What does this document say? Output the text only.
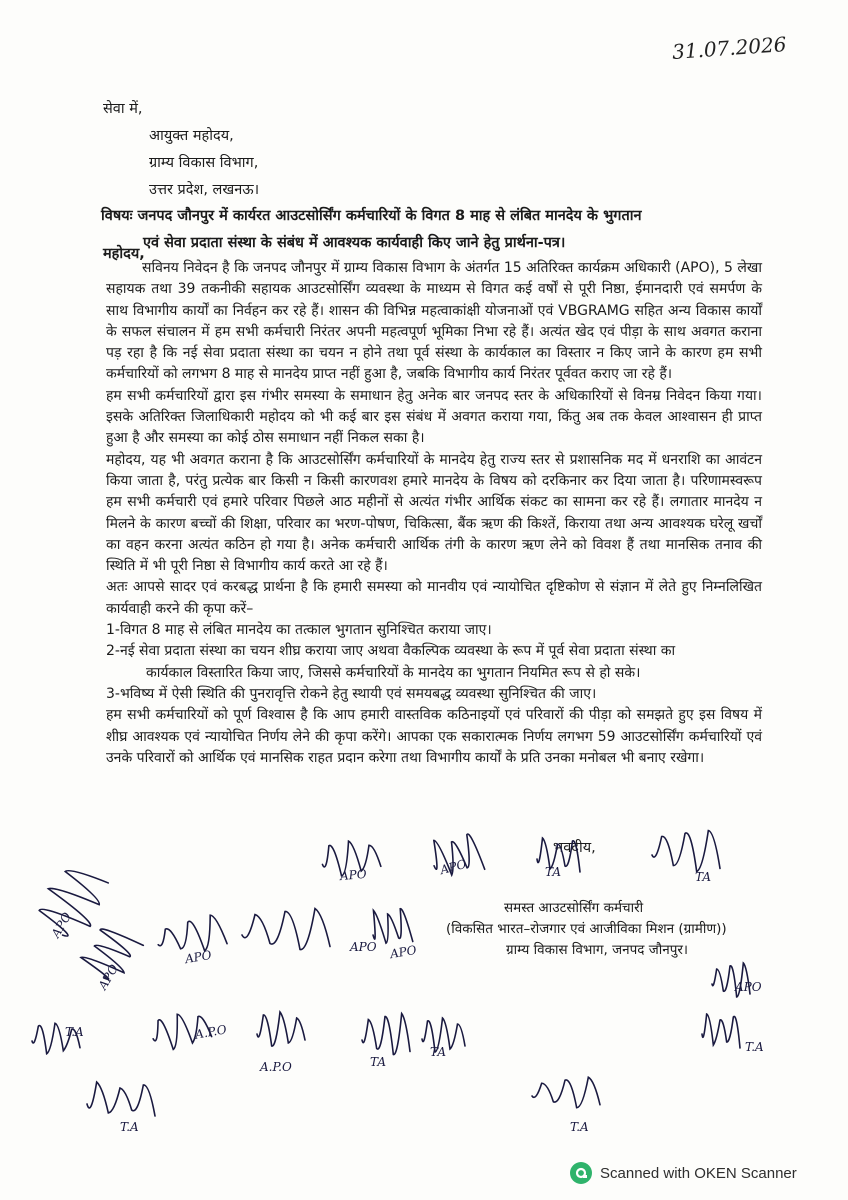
31.07.2026
सेवा में,
आयुक्त महोदय,
ग्राम्य विकास विभाग,
उत्तर प्रदेश, लखनऊ।
विषयः जनपद जौनपुर में कार्यरत आउटसोर्सिंग कर्मचारियों के विगत 8 माह से लंबित मानदेय के भुगतान
एवं सेवा प्रदाता संस्था के संबंध में आवश्यक कार्यवाही किए जाने हेतु प्रार्थना-पत्र।
महोदय,

सविनय निवेदन है कि जनपद जौनपुर में ग्राम्य विकास विभाग के अंतर्गत 15 अतिरिक्त कार्यक्रम अधिकारी (APO), 5 लेखा सहायक तथा 39 तकनीकी सहायक आउटसोर्सिंग व्यवस्था के माध्यम से विगत कई वर्षों से पूरी निष्ठा, ईमानदारी एवं समर्पण के साथ विभागीय कार्यों का निर्वहन कर रहे हैं। शासन की विभिन्न महत्वाकांक्षी योजनाओं एवं VBGRAMG सहित अन्य विकास कार्यों के सफल संचालन में हम सभी कर्मचारी निरंतर अपनी महत्वपूर्ण भूमिका निभा रहे हैं। अत्यंत खेद एवं पीड़ा के साथ अवगत कराना पड़ रहा है कि नई सेवा प्रदाता संस्था का चयन न होने तथा पूर्व संस्था के कार्यकाल का विस्तार न किए जाने के कारण हम सभी कर्मचारियों को लगभग 8 माह से मानदेय प्राप्त नहीं हुआ है, जबकि विभागीय कार्य निरंतर पूर्ववत कराए जा रहे हैं।

हम सभी कर्मचारियों द्वारा इस गंभीर समस्या के समाधान हेतु अनेक बार जनपद स्तर के अधिकारियों से विनम्र निवेदन किया गया। इसके अतिरिक्त जिलाधिकारी महोदय को भी कई बार इस संबंध में अवगत कराया गया, किंतु अब तक केवल आश्वासन ही प्राप्त हुआ है और समस्या का कोई ठोस समाधान नहीं निकल सका है।

महोदय, यह भी अवगत कराना है कि आउटसोर्सिंग कर्मचारियों के मानदेय हेतु राज्य स्तर से प्रशासनिक मद में धनराशि का आवंटन किया जाता है, परंतु प्रत्येक बार किसी न किसी कारणवश हमारे मानदेय के विषय को दरकिनार कर दिया जाता है। परिणामस्वरूप हम सभी कर्मचारी एवं हमारे परिवार पिछले आठ महीनों से अत्यंत गंभीर आर्थिक संकट का सामना कर रहे हैं। लगातार मानदेय न मिलने के कारण बच्चों की शिक्षा, परिवार का भरण-पोषण, चिकित्सा, बैंक ऋण की किश्तें, किराया तथा अन्य आवश्यक घरेलू खर्चों का वहन करना अत्यंत कठिन हो गया है। अनेक कर्मचारी आर्थिक तंगी के कारण ऋण लेने को विवश हैं तथा मानसिक तनाव की स्थिति में भी पूरी निष्ठा से विभागीय कार्य करते आ रहे हैं।

अतः आपसे सादर एवं करबद्ध प्रार्थना है कि हमारी समस्या को मानवीय एवं न्यायोचित दृष्टिकोण से संज्ञान में लेते हुए निम्नलिखित कार्यवाही करने की कृपा करें–

1-विगत 8 माह से लंबित मानदेय का तत्काल भुगतान सुनिश्चित कराया जाए।

2-नई सेवा प्रदाता संस्था का चयन शीघ्र कराया जाए अथवा वैकल्पिक व्यवस्था के रूप में पूर्व सेवा प्रदाता संस्था का

कार्यकाल विस्तारित किया जाए, जिससे कर्मचारियों के मानदेय का भुगतान नियमित रूप से हो सके।

3-भविष्य में ऐसी स्थिति की पुनरावृत्ति रोकने हेतु स्थायी एवं समयबद्ध व्यवस्था सुनिश्चित की जाए।

हम सभी कर्मचारियों को पूर्ण विश्वास है कि आप हमारी वास्तविक कठिनाइयों एवं परिवारों की पीड़ा को समझते हुए इस विषय में शीघ्र आवश्यक एवं न्यायोचित निर्णय लेने की कृपा करेंगे। आपका एक सकारात्मक निर्णय लगभग 59 आउटसोर्सिंग कर्मचारियों एवं उनके परिवारों को आर्थिक एवं मानसिक राहत प्रदान करेगा तथा विभागीय कार्यों के प्रति उनका मनोबल भी बनाए रखेगा।

भवदीय,
समस्त आउटसोर्सिंग कर्मचारी
(विकसित भारत–रोजगार एवं आजीविका मिशन (ग्रामीण))
ग्राम्य विकास विभाग, जनपद जौनपुर।
APO
APO
APO
APO
APO	APO
APO
APO
A.P.O
A.P.O
TA	TA
TA
TA	T.A
T.A	T.A
T.A
Scanned with OKEN Scanner
